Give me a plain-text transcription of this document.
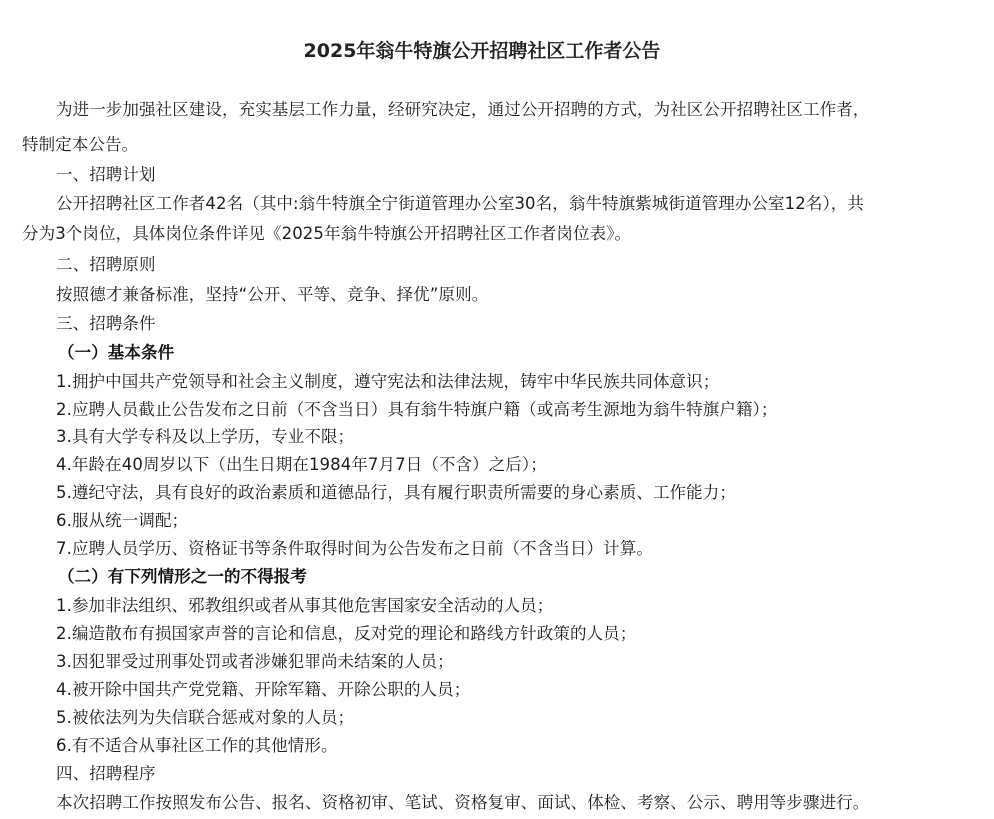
2025年翁牛特旗公开招聘社区工作者公告
为进一步加强社区建设，充实基层工作力量，经研究决定，通过公开招聘的方式，为社区公开招聘社区工作者，
特制定本公告。
一、招聘计划
公开招聘社区工作者42名（其中:翁牛特旗全宁街道管理办公室30名，翁牛特旗紫城街道管理办公室12名），共
分为3个岗位，具体岗位条件详见《2025年翁牛特旗公开招聘社区工作者岗位表》。
二、招聘原则
按照德才兼备标准，坚持“公开、平等、竞争、择优”原则。
三、招聘条件
（一）基本条件
1.拥护中国共产党领导和社会主义制度，遵守宪法和法律法规，铸牢中华民族共同体意识；
2.应聘人员截止公告发布之日前（不含当日）具有翁牛特旗户籍（或高考生源地为翁牛特旗户籍）；
3.具有大学专科及以上学历，专业不限；
4.年龄在40周岁以下（出生日期在1984年7月7日（不含）之后）；
5.遵纪守法，具有良好的政治素质和道德品行，具有履行职责所需要的身心素质、工作能力；
6.服从统一调配；
7.应聘人员学历、资格证书等条件取得时间为公告发布之日前（不含当日）计算。
（二）有下列情形之一的不得报考
1.参加非法组织、邪教组织或者从事其他危害国家安全活动的人员；
2.编造散布有损国家声誉的言论和信息，反对党的理论和路线方针政策的人员；
3.因犯罪受过刑事处罚或者涉嫌犯罪尚未结案的人员；
4.被开除中国共产党党籍、开除军籍、开除公职的人员；
5.被依法列为失信联合惩戒对象的人员；
6.有不适合从事社区工作的其他情形。
四、招聘程序
本次招聘工作按照发布公告、报名、资格初审、笔试、资格复审、面试、体检、考察、公示、聘用等步骤进行。
